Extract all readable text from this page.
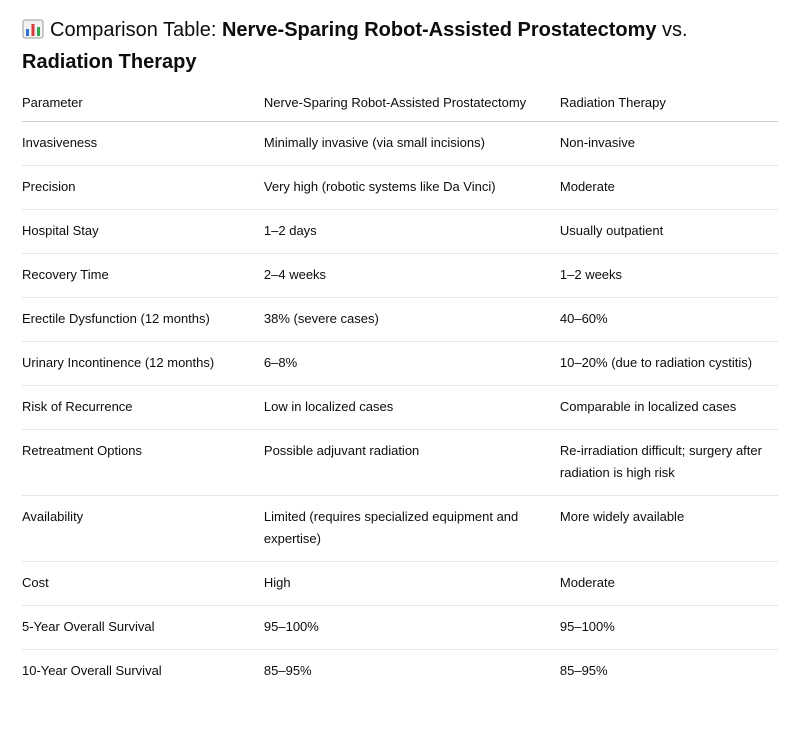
Comparison Table: Nerve-Sparing Robot-Assisted Prostatectomy vs. Radiation Therapy
Parameter	Nerve-Sparing Robot-Assisted Prostatectomy	Radiation Therapy
Invasiveness	Minimally invasive (via small incisions)	Non-invasive
Precision	Very high (robotic systems like Da Vinci)	Moderate
Hospital Stay	1–2 days	Usually outpatient
Recovery Time	2–4 weeks	1–2 weeks
Erectile Dysfunction (12 months)	38% (severe cases)	40–60%
Urinary Incontinence (12 months)	6–8%	10–20% (due to radiation cystitis)
Risk of Recurrence	Low in localized cases	Comparable in localized cases
Retreatment Options	Possible adjuvant radiation	Re-irradiation difficult; surgery after radiation is high risk
Availability	Limited (requires specialized equipment and expertise)	More widely available
Cost	High	Moderate
5-Year Overall Survival	95–100%	95–100%
10-Year Overall Survival	85–95%	85–95%
